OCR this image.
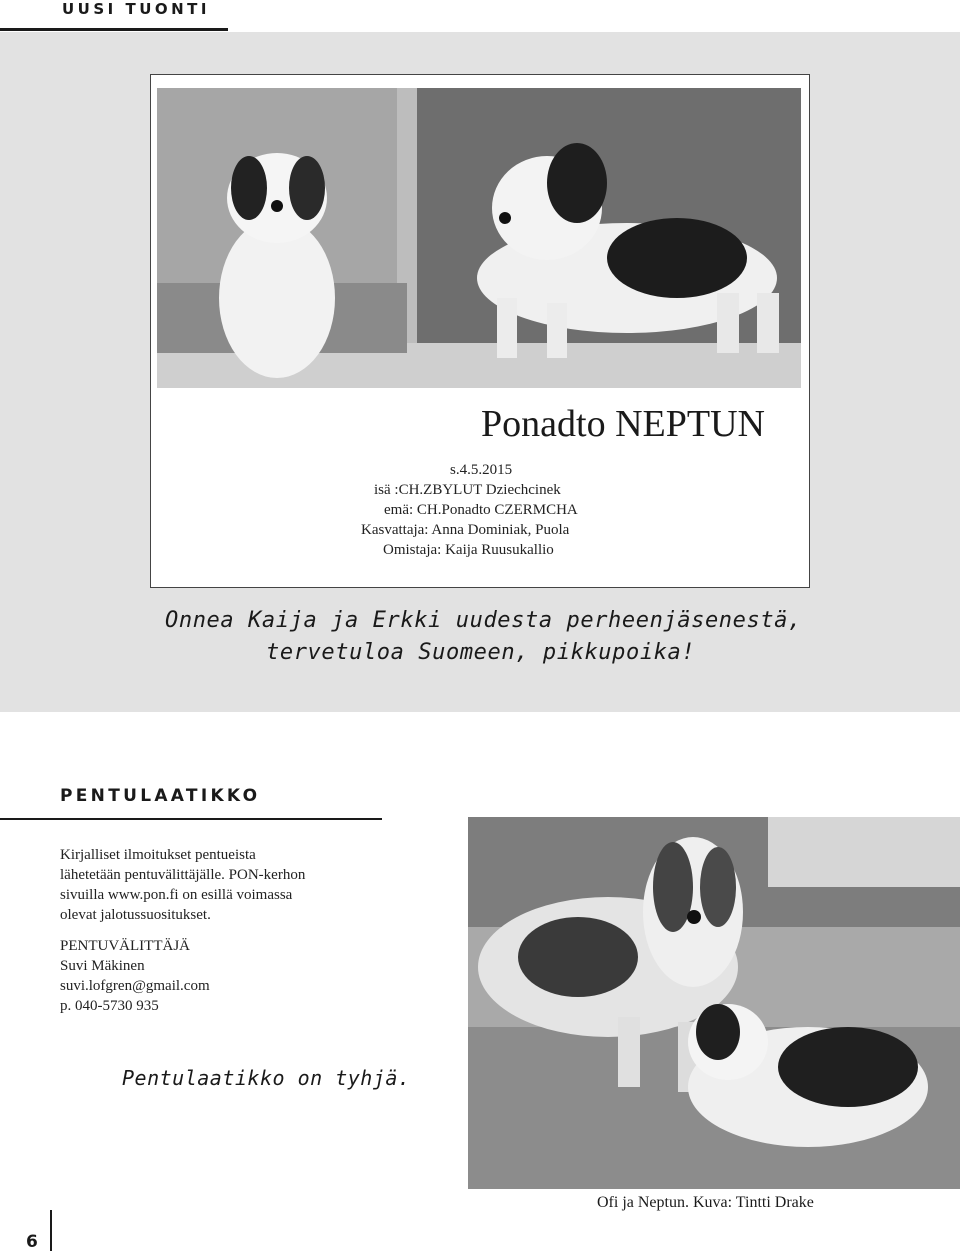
UUSI TUONTI
Ponadto NEPTUN
s.4.5.2015
isä :CH.ZBYLUT Dziechcinek
emä: CH.Ponadto CZERMCHA
Kasvattaja: Anna Dominiak, Puola
Omistaja: Kaija Ruusukallio
Onnea Kaija ja Erkki uudesta perheenjäsenestä,
tervetuloa Suomeen, pikkupoika!
PENTULAATIKKO
Kirjalliset ilmoitukset pentueista
lähetetään pentuvälittäjälle. PON-kerhon
sivuilla www.pon.fi on esillä voimassa
olevat jalotussuositukset.
PENTUVÄLITTÄJÄ
Suvi Mäkinen
suvi.lofgren@gmail.com
p. 040-5730 935
Pentulaatikko on tyhjä.
Ofi ja Neptun. Kuva: Tintti Drake
6
